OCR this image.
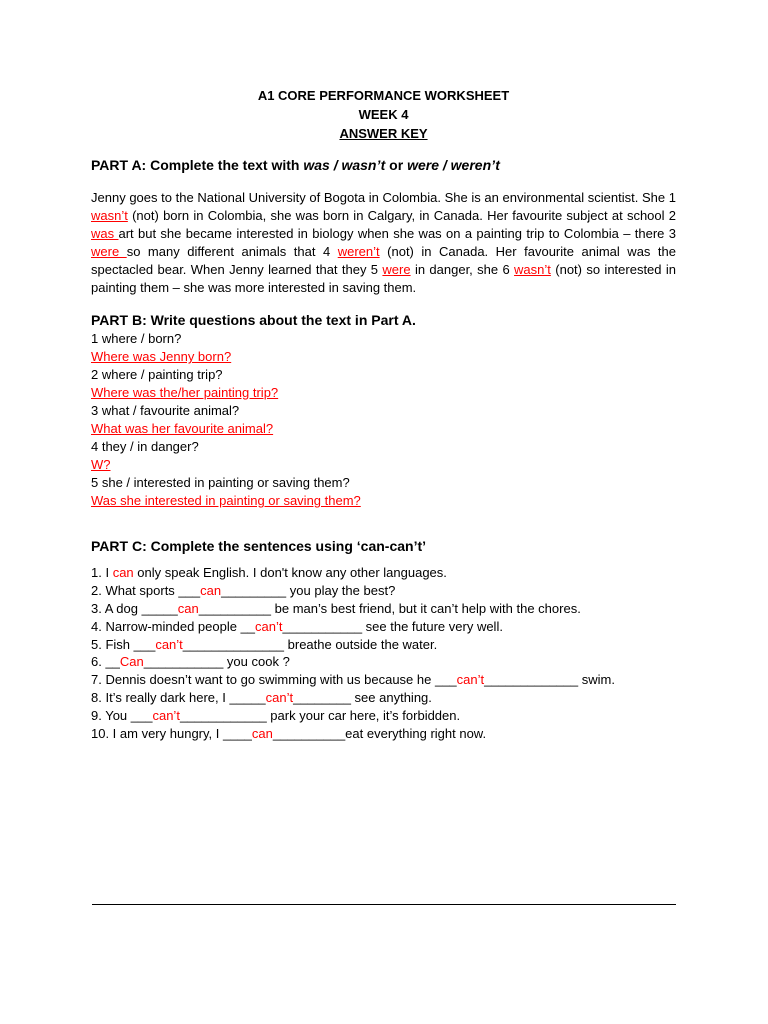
A1 CORE PERFORMANCE WORKSHEET
WEEK 4
ANSWER KEY
PART A: Complete the text with was / wasn’t or were / weren’t
Jenny goes to the National University of Bogota in Colombia. She is an environmental scientist. She 1 wasn’t (not) born in Colombia, she was born in Calgary, in Canada. Her favourite subject at school 2 was art but she became interested in biology when she was on a painting trip to Colombia – there 3 were so many different animals that 4 weren’t (not) in Canada. Her favourite animal was the spectacled bear. When Jenny learned that they 5 were in danger, she 6 wasn’t (not) so interested in painting them – she was more interested in saving them.
PART B: Write questions about the text in Part A.
1 where / born?
Where was Jenny born?
2 where / painting trip?
Where was the/her painting trip?
3 what / favourite animal?
What was her favourite animal?
4 they / in danger?
W?
5 she / interested in painting or saving them?
Was she interested in painting or saving them?
PART C: Complete the sentences using ‘can-can’t’
1. I can only speak English. I don't know any other languages.
2. What sports ___can_________ you play the best?
3. A dog _____can__________ be man’s best friend, but it can’t help with the chores.
4. Narrow-minded people __can’t___________ see the future very well.
5. Fish ___can’t______________ breathe outside the water.
6. __Can___________ you cook ?
7. Dennis doesn’t want to go swimming with us because he ___can’t_____________ swim.
8. It’s really dark here, I _____can’t________ see anything.
9. You ___can’t____________ park your car here, it’s forbidden.
10. I am very hungry, I ____can__________eat everything right now.
